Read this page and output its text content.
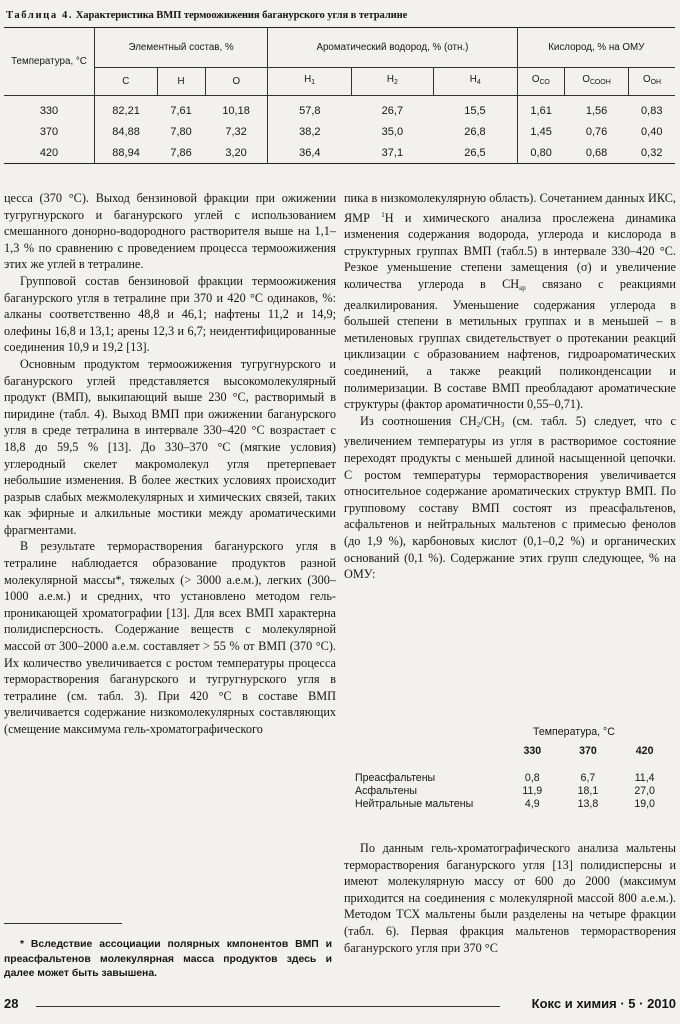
Таблица 4. Характеристика ВМП термоожижения багануpского угля в тетралине
Температура, °С	Элементный состав, %			Ароматический водород, % (отн.)			Кислород, % на ОМУ		
	С	Н	О	$Н_1$	$Н_2$	$Н_4$	$О_{СО}$	$О_{СООН}$	$О_{ОН}$
330	82,21	7,61	10,18	57,8	26,7	15,5	1,61	1,56	0,83
370	84,88	7,80	7,32	38,2	35,0	26,8	1,45	0,76	0,40
420	88,94	7,86	3,20	36,4	37,1	26,5	0,80	0,68	0,32

цесса (370 °С). Выход бензиновой фракции при ожижении тугругнурского и багануpского углей с использованием смешанного донорно-водородного растворителя выше на 1,1–1,3 % по сравнению с проведением процесса термоожижения этих же углей в тетралине.

Групповой состав бензиновой фракции термоожижения багануpского угля в тетралине при 370 и 420 °С одинаков, %: алканы соответственно 48,8 и 46,1; нафтены 11,2 и 14,9; олефины 16,8 и 13,1; арены 12,3 и 6,7; неидентифицированные соединения 10,9 и 19,2 [13].

Основным продуктом термоожижения тугругнурского и багануpского углей представляется высокомолекулярный продукт (ВМП), выкипающий выше 230 °С, растворимый в пиридине (табл. 4). Выход ВМП при ожижении багануpского угля в среде тетралина в интервале 330–420 °С возрастает с 18,8 до 59,5 % [13]. До 330–370 °С (мягкие условия) углеродный скелет макромолекул угля претерпевает небольшие изменения. В более жестких условиях происходит разрыв слабых межмолекулярных и химических связей, таких как эфирные и алкильные мостики между ароматическими фрагментами.

В результате терморастворения багануpского угля в тетралине наблюдается образование продуктов разной молекулярной массы*, тяжелых (> 3000 а.е.м.), легких (300–1000 а.е.м.) и средних, что установлено методом гель-проникающей хроматографии [13]. Для всех ВМП характерна полидисперсность. Содержание веществ с молекулярной массой от 300–2000 а.е.м. составляет > 55 % от ВМП (370 °С). Их количество увеличивается с ростом температуры процесса терморастворения багануpского и тугругнурского угля в тетралине (см. табл. 3). При 420 °С в составе ВМП увеличивается содержание низкомолекулярных составляющих (смещение максимума гель-хроматографического

пика в низкомолекулярную область). Сочетанием данных ИКС, ЯМР $^1$Н и химического анализа прослежена динамика изменения содержания водорода, углерода и кислорода в структурных группах ВМП (табл.5) в интервале 330–420 °С. Резкое уменьшение степени замещения (σ) и увеличение количества углерода в $СН_{ар}$ связано с реакциями деалкилирования. Уменьшение содержания углерода в большей степени в метильных группах и в меньшей – в метиленовых группах свидетельствует о протекании реакций циклизации с образованием нафтенов, гидроароматических соединений, а также реакций поликонденсации и полимеризации. В составе ВМП преобладают ароматические структуры (фактор ароматичности 0,55–0,71).

Из соотношения $СН_2/СН_3$ (см. табл. 5) следует, что с увеличением температуры из угля в растворимое состояние переходят продукты с меньшей длиной насыщенной цепочки. С ростом температуры терморастворения увеличивается относительное содержание ароматических структур ВМП. По групповому составу ВМП состоят из преасфальтенов, асфальтенов и нейтральных мальтенов с примесью фенолов (до 1,9 %), карбоновых кислот (0,1–0,2 %) и органических оснований (0,1 %). Содержание этих групп следующее, % на ОМУ:

Температура, °С
	330	370	420

Преасфальтены	0,8	6,7	11,4
Асфальтены	11,9	18,1	27,0
Нейтральные мальтены	4,9	13,8	19,0

По данным гель-хроматографического анализа мальтены терморастворения багануpского угля [13] полидисперсны и имеют молекулярную массу от 600 до 2000 (максимум приходится на соединения с молекулярной массой 800 а.е.м.). Методом ТСХ мальтены были разделены на четыре фракции (табл. 6). Первая фракция мальтенов терморастворения багануpского угля при 370 °С

* Вследствие ассоциации полярных кмпонентов ВМП и преасфальтенов молекулярная масса продуктов здесь и далее может быть завышена.

28	Кокс и химия · 5 · 2010
